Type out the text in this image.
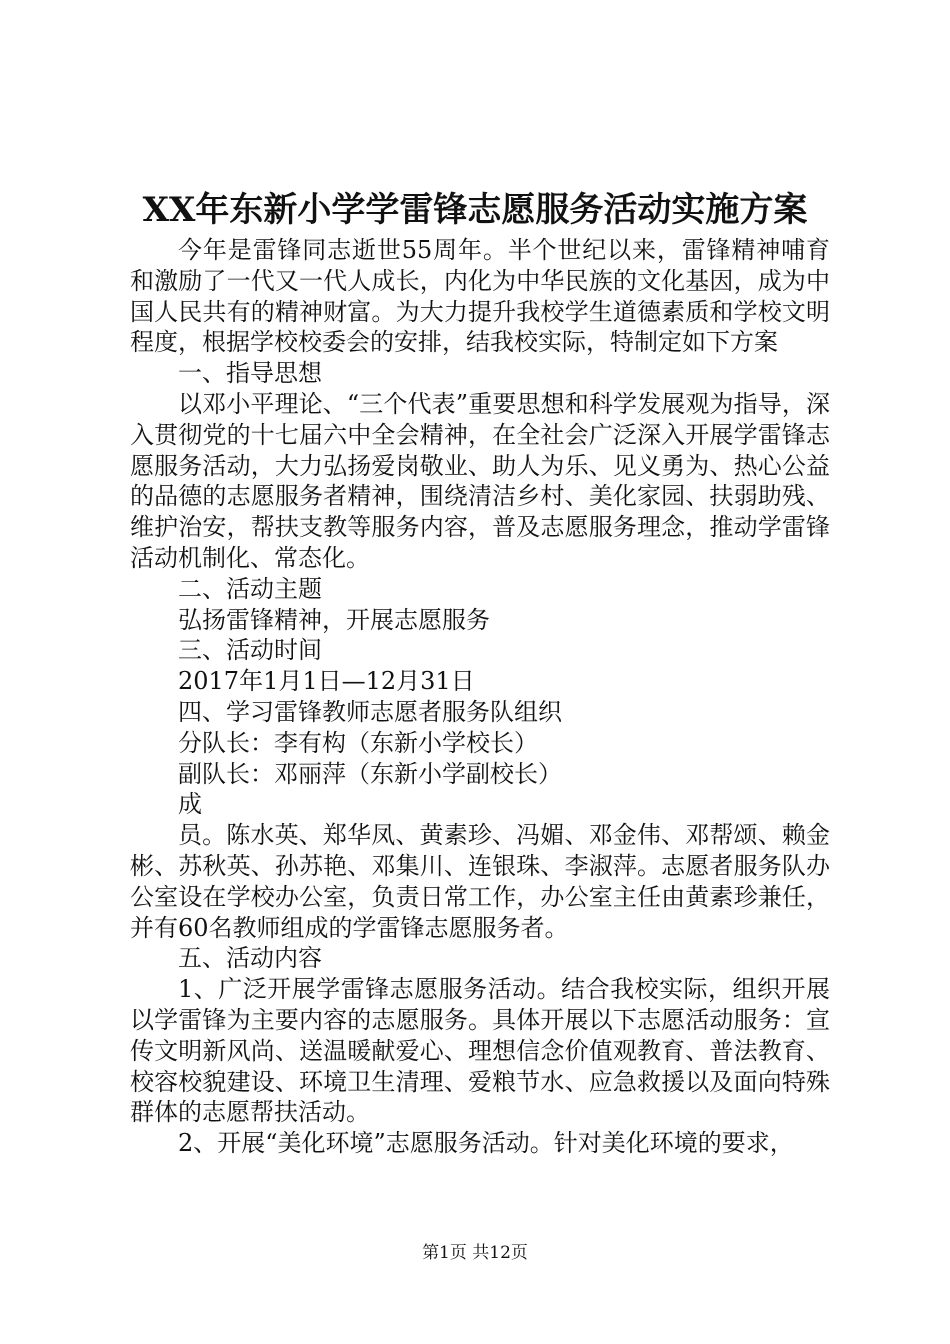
XX年东新小学学雷锋志愿服务活动实施方案

今年是雷锋同志逝世55周年。半个世纪以来，雷锋精神哺育和激励了一代又一代人成长，内化为中华民族的文化基因，成为中国人民共有的精神财富。为大力提升我校学生道德素质和学校文明程度，根据学校校委会的安排，结我校实际，特制定如下方案

一、指导思想

以邓小平理论、“三个代表”重要思想和科学发展观为指导，深入贯彻党的十七届六中全会精神，在全社会广泛深入开展学雷锋志愿服务活动，大力弘扬爱岗敬业、助人为乐、见义勇为、热心公益的品德的志愿服务者精神，围绕清洁乡村、美化家园、扶弱助残、维护治安，帮扶支教等服务内容，普及志愿服务理念，推动学雷锋活动机制化、常态化。

二、活动主题

弘扬雷锋精神，开展志愿服务

三、活动时间

2017年1月1日—12月31日

四、学习雷锋教师志愿者服务队组织

分队长：李有构（东新小学校长）

副队长：邓丽萍（东新小学副校长）

成

员。陈水英、郑华凤、黄素珍、冯媚、邓金伟、邓帮颂、赖金彬、苏秋英、孙苏艳、邓集川、连银珠、李淑萍。志愿者服务队办公室设在学校办公室，负责日常工作，办公室主任由黄素珍兼任，并有60名教师组成的学雷锋志愿服务者。

五、活动内容

1、广泛开展学雷锋志愿服务活动。结合我校实际，组织开展以学雷锋为主要内容的志愿服务。具体开展以下志愿活动服务：宣传文明新风尚、送温暖献爱心、理想信念价值观教育、普法教育、校容校貌建设、环境卫生清理、爱粮节水、应急救援以及面向特殊群体的志愿帮扶活动。

2、开展“美化环境”志愿服务活动。针对美化环境的要求，

第1页 共12页
